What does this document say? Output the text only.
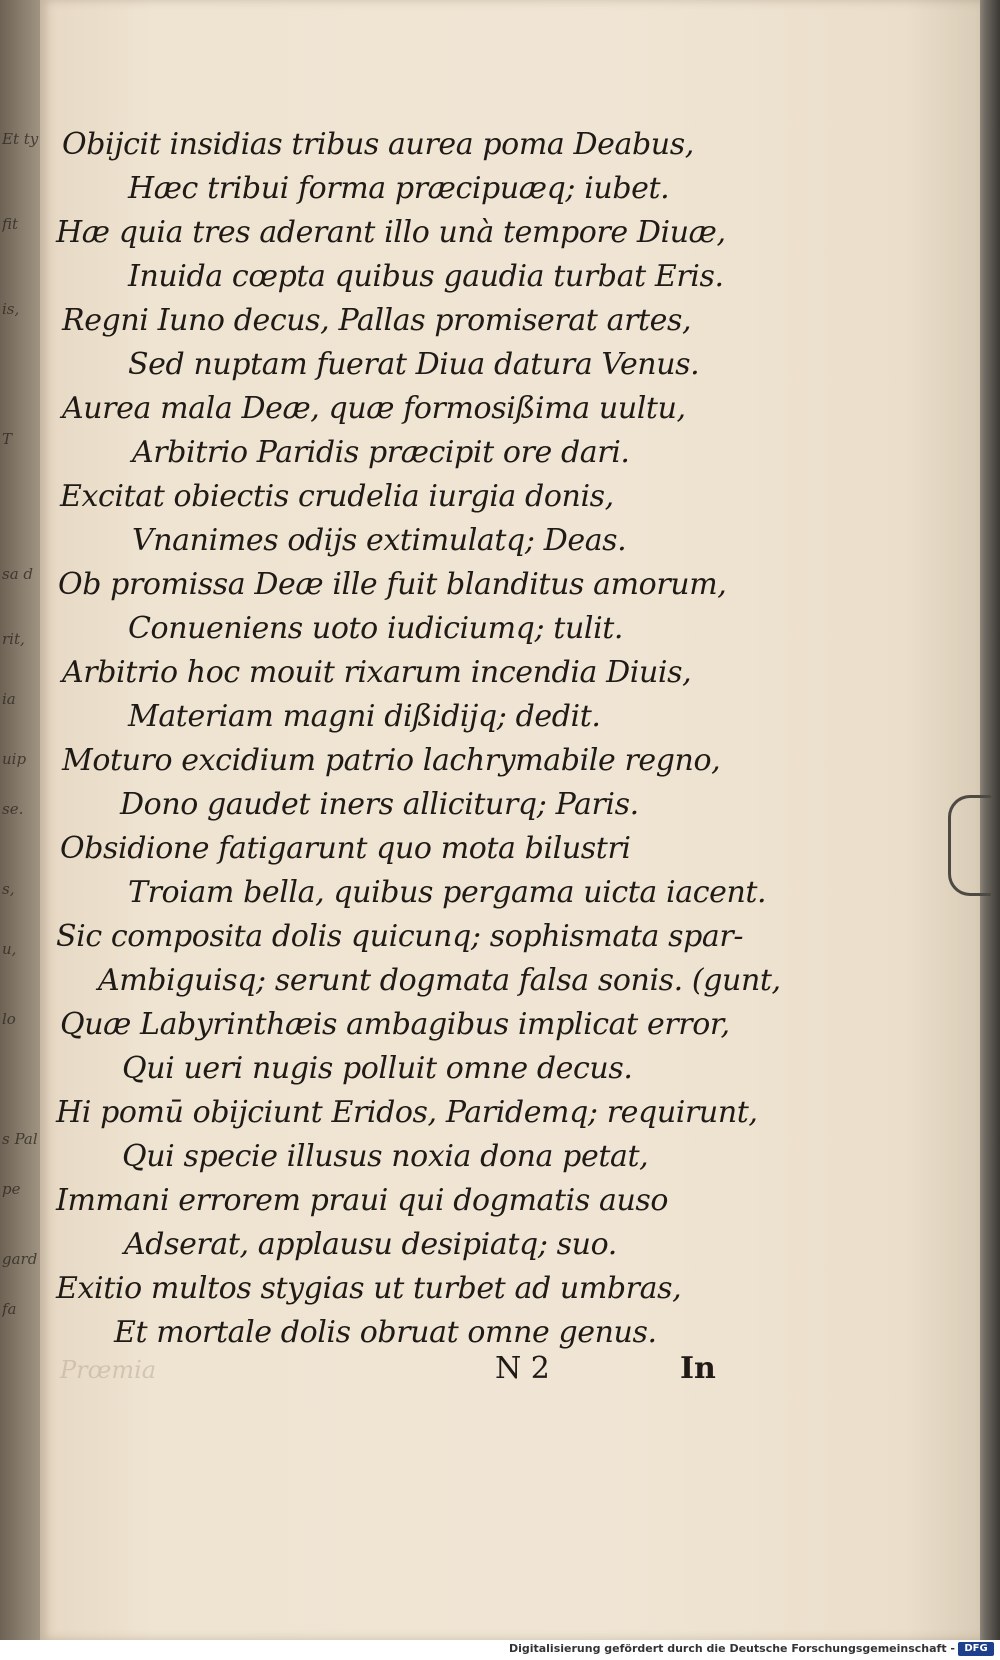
Et ty
fit
is,
T
sa d
rit,
ia
uip
se.
s,
u,
lo
s Pal
pe
gard
fa
Obijcit insidias tribus aurea poma Deabus,
Hæc tribui forma præcipuæq; iubet.
Hæ quia tres aderant illo unà tempore Diuæ,
Inuida cœpta quibus gaudia turbat Eris.
Regni Iuno decus, Pallas promiserat artes,
Sed nuptam fuerat Diua datura Venus.
Aurea mala Deæ, quæ formosißima uultu,
Arbitrio Paridis præcipit ore dari.
Excitat obiectis crudelia iurgia donis,
Vnanimes odijs extimulatq; Deas.
Ob promissa Deæ ille fuit blanditus amorum,
Conueniens uoto iudiciumq; tulit.
Arbitrio hoc mouit rixarum incendia Diuis,
Materiam magni dißidijq; dedit.
Moturo excidium patrio lachrymabile regno,
Dono gaudet iners alliciturq; Paris.
Obsidione fatigarunt quo mota bilustri
Troiam bella, quibus pergama uicta iacent.
Sic composita dolis quicunq; sophismata spar-
Ambiguisq; serunt dogmata falsa sonis. (gunt,
Quæ Labyrinthæis ambagibus implicat error,
Qui ueri nugis polluit omne decus.
Hi pomū obijciunt Eridos, Paridemq; requirunt,
Qui specie illusus noxia dona petat,
Immani errorem praui qui dogmatis auso
Adserat, applausu desipiatq; suo.
Exitio multos stygias ut turbet ad umbras,
Et mortale dolis obruat omne genus.
Prœmia	N 2	In
Digitalisierung gefördert durch die Deutsche Forschungsgemeinschaft - DFG
